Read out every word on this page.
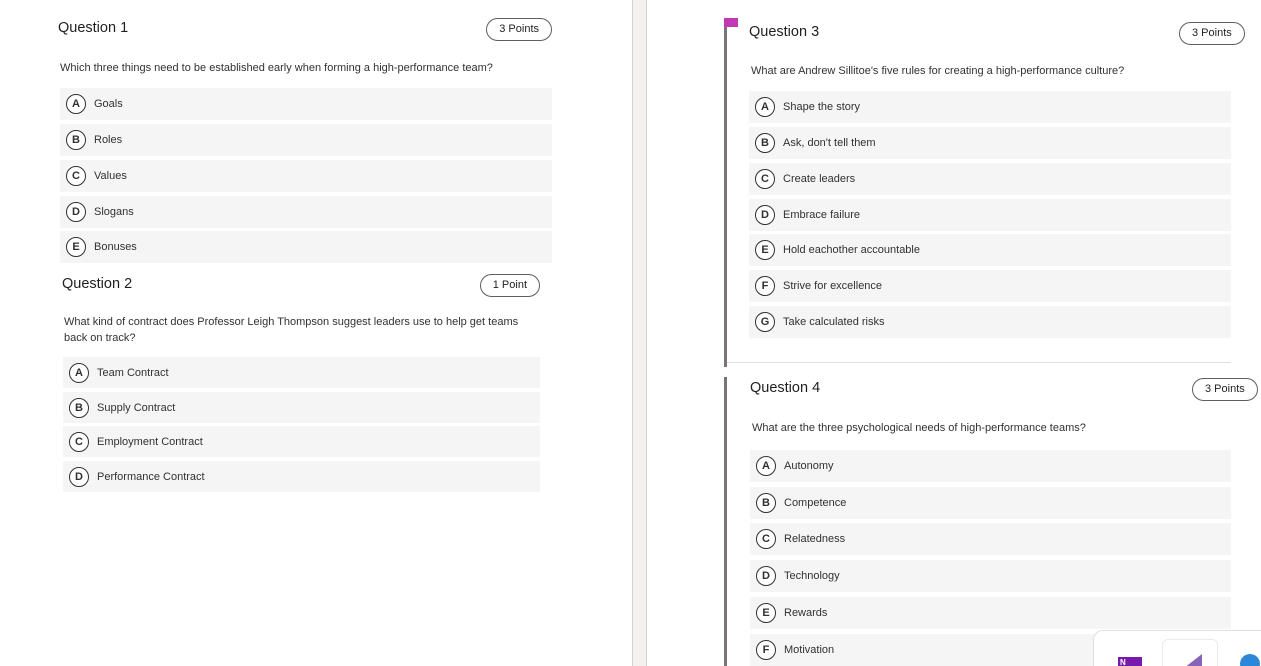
Question 1	3 Points
Which three things need to be established early when forming a high-performance team?
A	Goals
B	Roles
C	Values
D	Slogans
E	Bonuses
Question 2	1 Point
What kind of contract does Professor Leigh Thompson suggest leaders use to help get teams back on track?
A	Team Contract
B	Supply Contract
C	Employment Contract
D	Performance Contract
Question 3	3 Points
What are Andrew Sillitoe's five rules for creating a high-performance culture?
A	Shape the story
B	Ask, don't tell them
C	Create leaders
D	Embrace failure
E	Hold eachother accountable
F	Strive for excellence
G	Take calculated risks
Question 4	3 Points
What are the three psychological needs of high-performance teams?
A	Autonomy
B	Competence
C	Relatedness
D	Technology
E	Rewards
F	Motivation
N
